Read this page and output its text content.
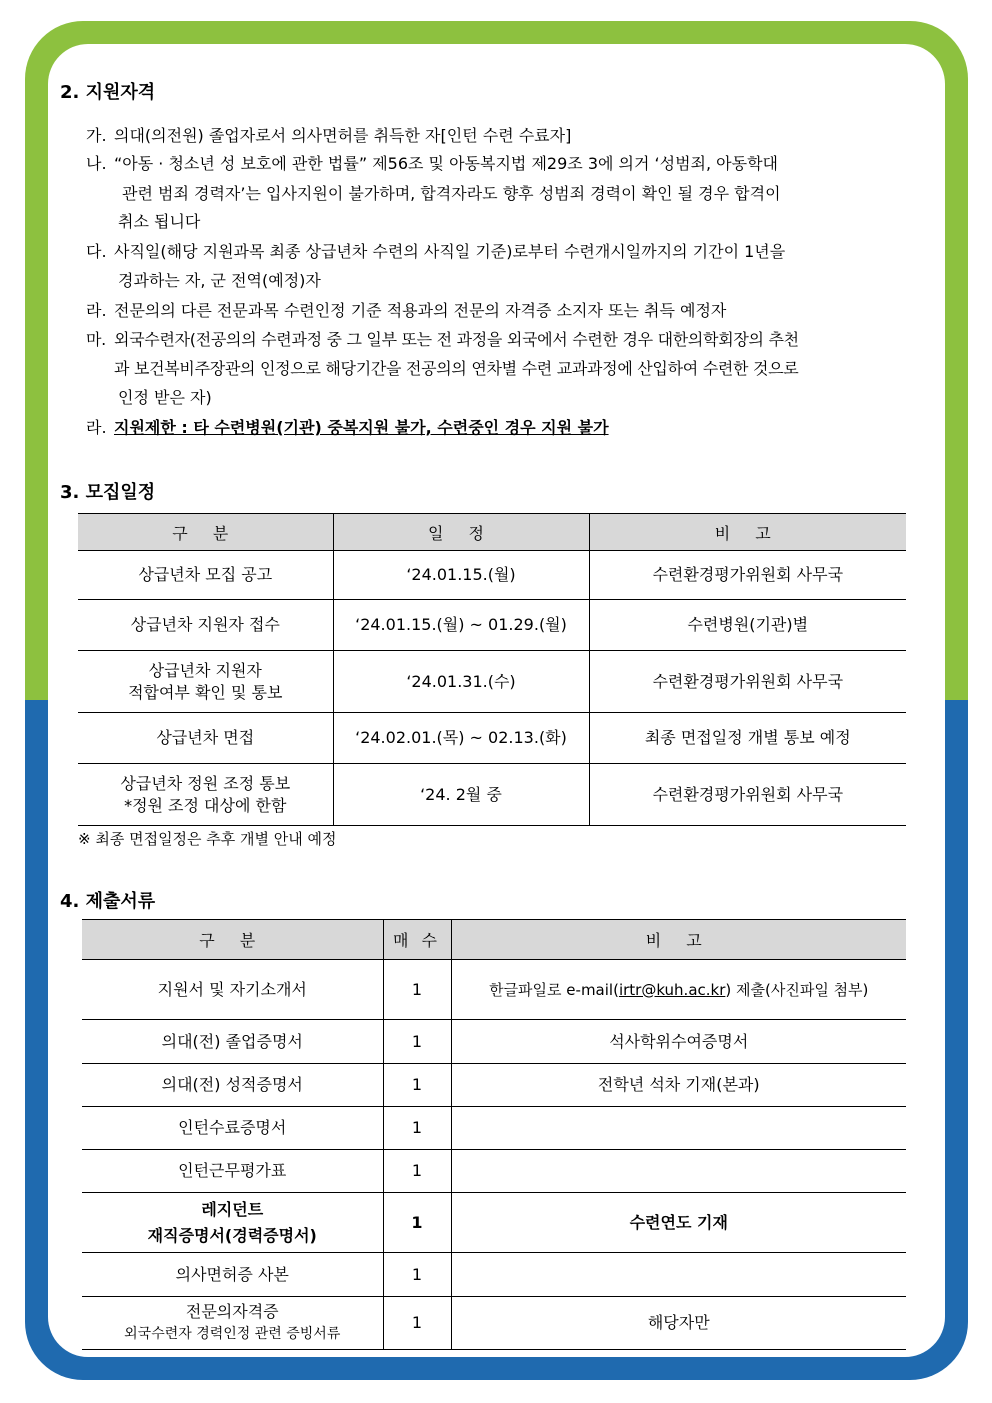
2. 지원자격
가. 의대(의전원) 졸업자로서 의사면허를 취득한 자[인턴 수련 수료자]
나. “아동 · 청소년 성 보호에 관한 법률” 제56조 및 아동복지법 제29조 3에 의거 ‘성범죄, 아동학대
관련 범죄 경력자’는 입사지원이 불가하며, 합격자라도 향후 성범죄 경력이 확인 될 경우 합격이
취소 됩니다
다. 사직일(해당 지원과목 최종 상급년차 수련의 사직일 기준)로부터 수련개시일까지의 기간이 1년을
경과하는 자, 군 전역(예정)자
라. 전문의의 다른 전문과목 수련인정 기준 적용과의 전문의 자격증 소지자 또는 취득 예정자
마. 외국수련자(전공의의 수련과정 중 그 일부 또는 전 과정을 외국에서 수련한 경우 대한의학회장의 추천
과 보건복비주장관의 인정으로 해당기간을 전공의의 연차별 수련 교과과정에 산입하여 수련한 것으로
인정 받은 자)
라. 지원제한 : 타 수련병원(기관) 중복지원 불가, 수련중인 경우 지원 불가
3. 모집일정
구 분	일 정	비 고
상급년차 모집 공고	‘24.01.15.(월)	수련환경평가위원회 사무국
상급년차 지원자 접수	‘24.01.15.(월) ~ 01.29.(월)	수련병원(기관)별

상급년차 지원자
적합여부 확인 및 통보	‘24.01.31.(수)	수련환경평가위원회 사무국
상급년차 면접	‘24.02.01.(목) ~ 02.13.(화)	최종 면접일정 개별 통보 예정

상급년차 정원 조정 통보
*정원 조정 대상에 한함	‘24. 2월 중	수련환경평가위원회 사무국
※ 최종 면접일정은 추후 개별 안내 예정
4. 제출서류
구 분	매 수	비 고
지원서 및 자기소개서	1	한글파일로 e-mail(irtr@kuh.ac.kr) 제출(사진파일 첨부)
의대(전) 졸업증명서	1	석사학위수여증명서
의대(전) 성적증명서	1	전학년 석차 기재(본과)
인턴수료증명서	1	
인턴근무평가표	1	

레지던트
재직증명서(경력증명서)	1	수련연도 기재
의사면허증 사본	1	

전문의자격증
외국수련자 경력인정 관련 증빙서류	1	해당자만
